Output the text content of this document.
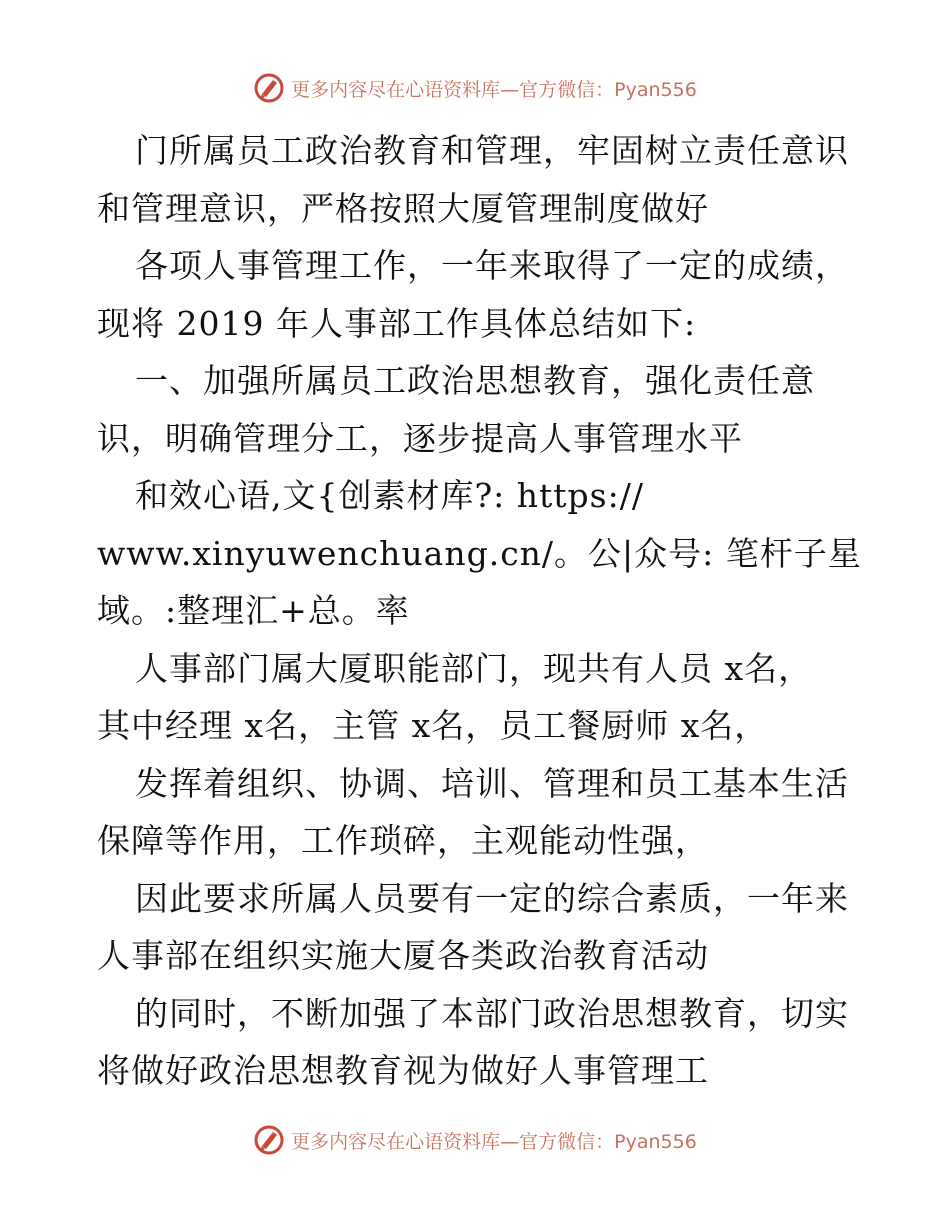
更多内容尽在心语资料库—官方微信：Pyan556
门所属员工政治教育和管理，牢固树立责任意识
和管理意识，严格按照大厦管理制度做好
各项人事管理工作，一年来取得了一定的成绩，
现将 2019 年人事部工作具体总结如下:
一、加强所属员工政治思想教育，强化责任意
识，明确管理分工，逐步提高人事管理水平
和效心语,文{创素材库?: https://
www.xinyuwenchuang.cn/。公|众号: 笔杆子星
域。:整理汇+总。率
人事部门属大厦职能部门，现共有人员 x名，
其中经理 x名，主管 x名，员工餐厨师 x名，
发挥着组织、协调、培训、管理和员工基本生活
保障等作用，工作琐碎，主观能动性强，
因此要求所属人员要有一定的综合素质，一年来
人事部在组织实施大厦各类政治教育活动
的同时，不断加强了本部门政治思想教育，切实
将做好政治思想教育视为做好人事管理工
更多内容尽在心语资料库—官方微信：Pyan556
